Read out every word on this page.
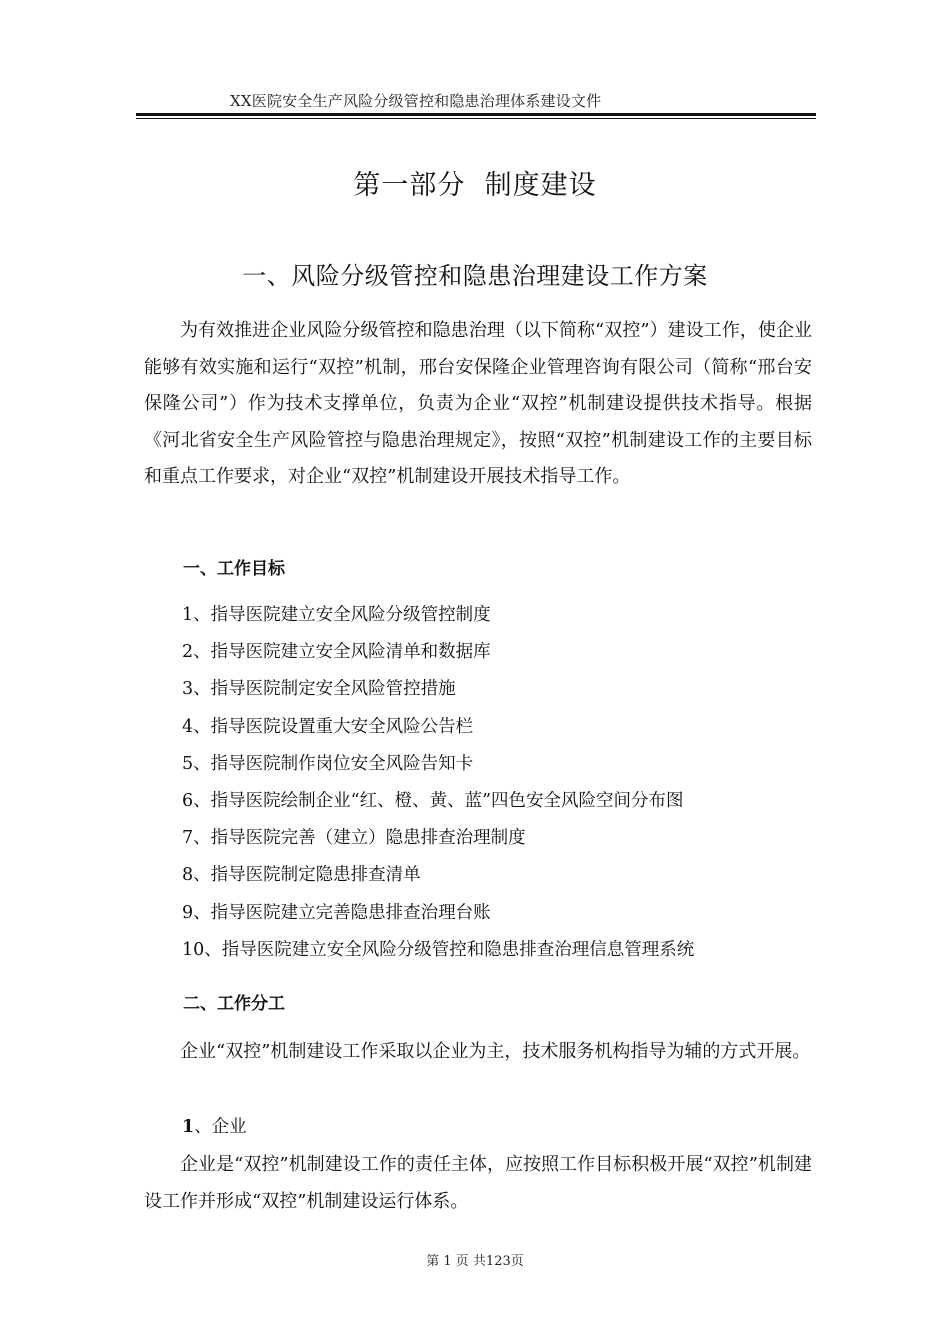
XX医院安全生产风险分级管控和隐患治理体系建设文件
第一部分  制度建设
一、风险分级管控和隐患治理建设工作方案

为有效推进企业风险分级管控和隐患治理（以下简称“双控”）建设工作，使企业能够有效实施和运行“双控”机制，邢台安保隆企业管理咨询有限公司（简称“邢台安保隆公司”）作为技术支撑单位，负责为企业“双控”机制建设提供技术指导。根据《河北省安全生产风险管控与隐患治理规定》，按照“双控”机制建设工作的主要目标和重点工作要求，对企业“双控”机制建设开展技术指导工作。

一、工作目标
1、指导医院建立安全风险分级管控制度
2、指导医院建立安全风险清单和数据库
3、指导医院制定安全风险管控措施
4、指导医院设置重大安全风险公告栏
5、指导医院制作岗位安全风险告知卡
6、指导医院绘制企业“红、橙、黄、蓝”四色安全风险空间分布图
7、指导医院完善（建立）隐患排查治理制度
8、指导医院制定隐患排查清单
9、指导医院建立完善隐患排查治理台账
10、指导医院建立安全风险分级管控和隐患排查治理信息管理系统
二、工作分工

企业“双控”机制建设工作采取以企业为主，技术服务机构指导为辅的方式开展。

1、企业

企业是“双控”机制建设工作的责任主体，应按照工作目标积极开展“双控”机制建设工作并形成“双控”机制建设运行体系。

第 1 页 共123页
